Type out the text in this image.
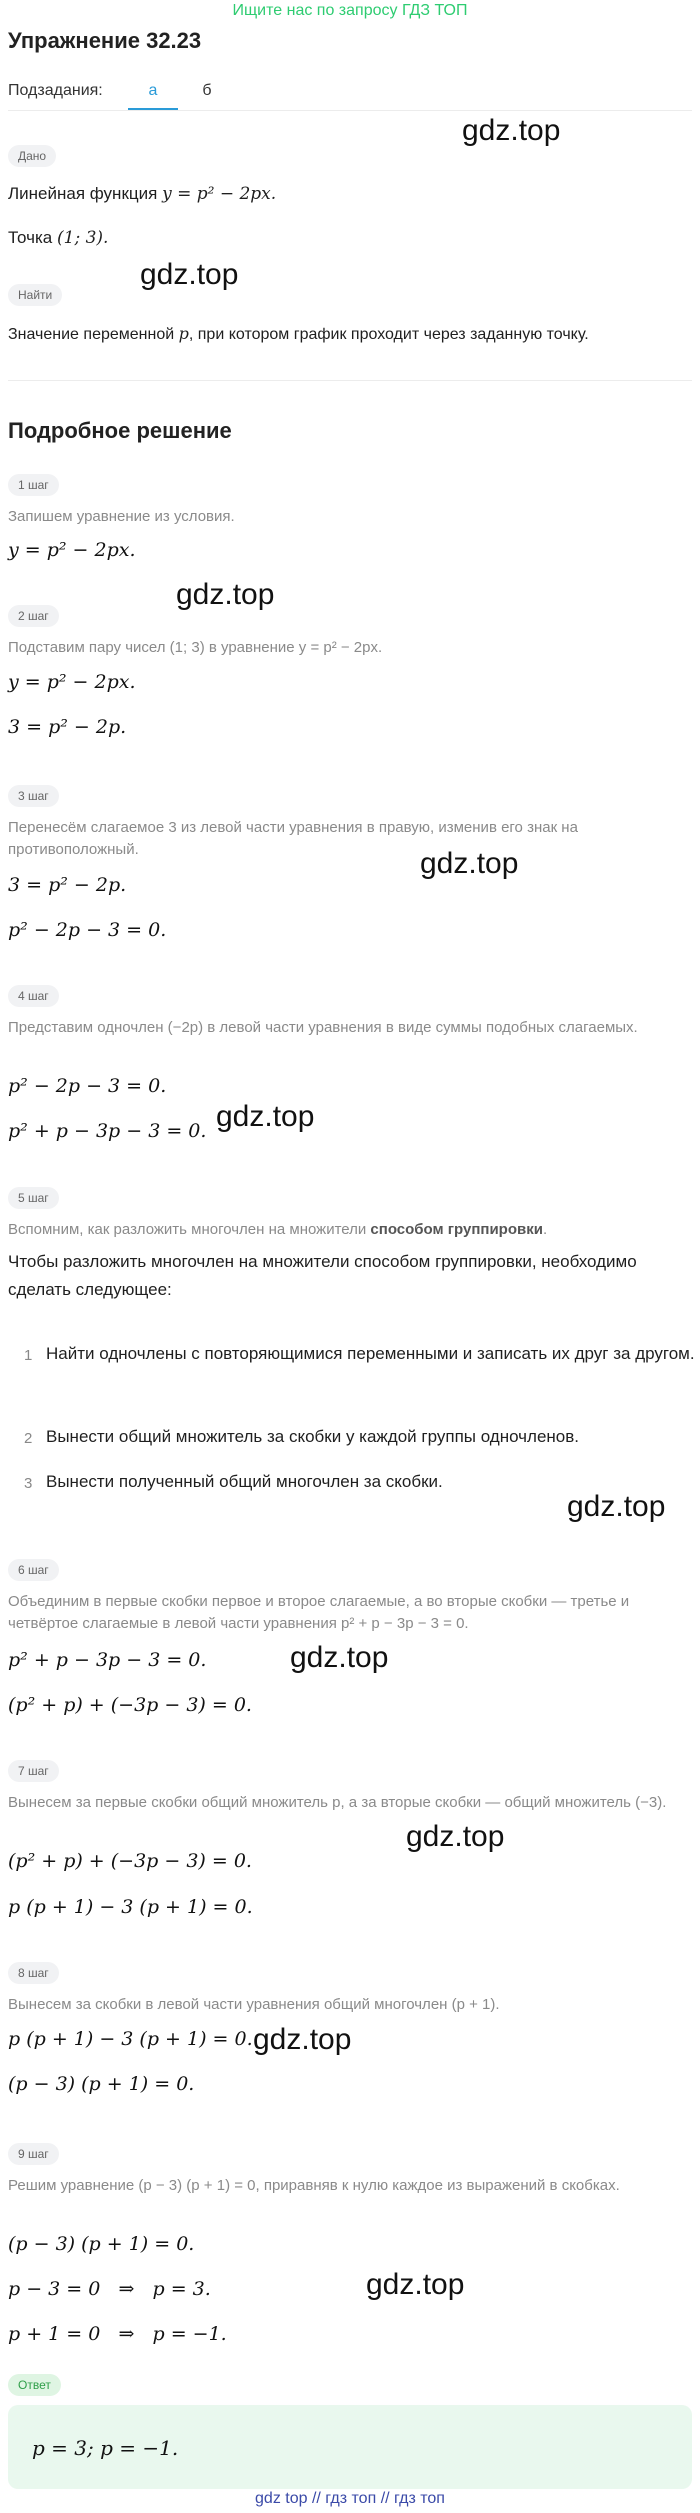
Ищите нас по запросу ГДЗ ТОП
Упражнение 32.23
Подзадания:	а	б
Дано
Линейная функция y = p² − 2px.
Точка (1; 3).
Найти
Значение переменной p, при котором график проходит через заданную точку.
Подробное решение
1 шаг
Запишем уравнение из условия.
y = p² − 2px.
2 шаг
Подставим пару чисел (1; 3) в уравнение y = p² − 2px.
y = p² − 2px.
3 = p² − 2p.
3 шаг
Перенесём слагаемое 3 из левой части уравнения в правую, изменив его знак на противоположный.
3 = p² − 2p.
p² − 2p − 3 = 0.
4 шаг
Представим одночлен (−2p) в левой части уравнения в виде суммы подобных слагаемых.
p² − 2p − 3 = 0.
p² + p − 3p − 3 = 0.
5 шаг
Вспомним, как разложить многочлен на множители способом группировки.
Чтобы разложить многочлен на множители способом группировки, необходимо сделать следующее:
1 Найти одночлены с повторяющимися переменными и записать их друг за другом.
2 Вынести общий множитель за скобки у каждой группы одночленов.
3 Вынести полученный общий многочлен за скобки.
6 шаг
Объединим в первые скобки первое и второе слагаемые, а во вторые скобки — третье и четвёртое слагаемые в левой части уравнения p² + p − 3p − 3 = 0.
p² + p − 3p − 3 = 0.
(p² + p) + (−3p − 3) = 0.
7 шаг
Вынесем за первые скобки общий множитель p, а за вторые скобки — общий множитель (−3).
(p² + p) + (−3p − 3) = 0.
p (p + 1) − 3 (p + 1) = 0.
8 шаг
Вынесем за скобки в левой части уравнения общий многочлен (p + 1).
p (p + 1) − 3 (p + 1) = 0.
(p − 3) (p + 1) = 0.
9 шаг
Решим уравнение (p − 3) (p + 1) = 0, приравняв к нулю каждое из выражений в скобках.
(p − 3) (p + 1) = 0.
p − 3 = 0   ⇒   p = 3.
p + 1 = 0   ⇒   p = −1.
Ответ
p = 3; p = −1.
gdz.top
gdz.top
gdz.top
gdz.top
gdz.top
gdz.top
gdz.top
gdz.top
gdz.top
gdz.top
gdz top // гдз топ // гдз топ
